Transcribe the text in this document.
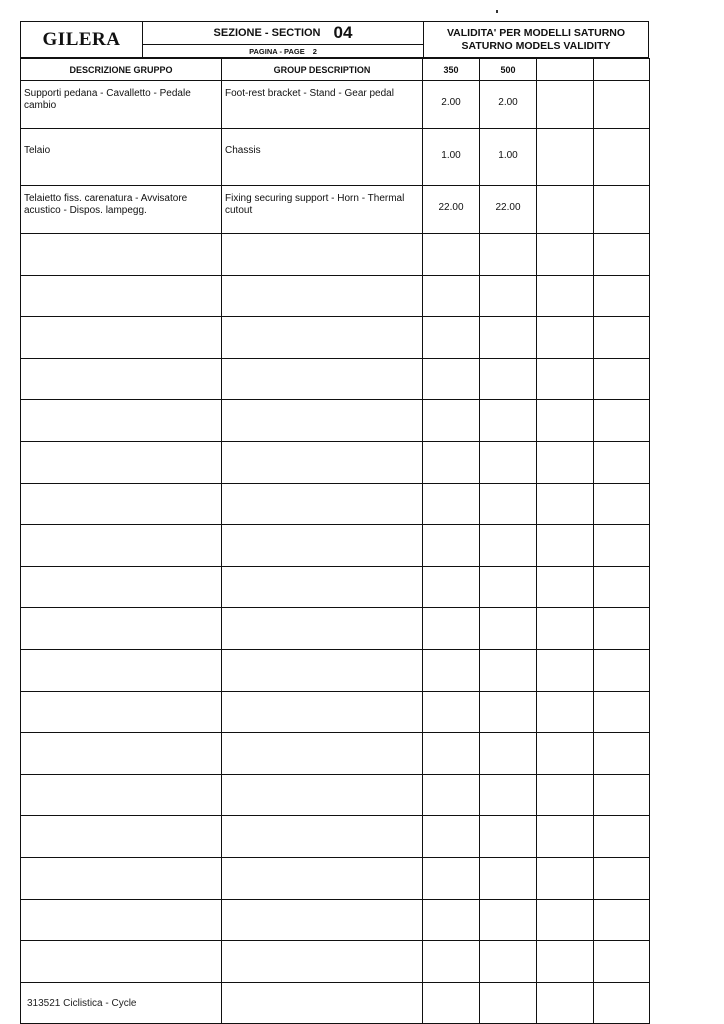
GILERA	SEZIONE - SECTION 04
PAGINA - PAGE 2
VALIDITA' PER MODELLI SATURNO
SATURNO MODELS VALIDITY
DESCRIZIONE GRUPPO	GROUP DESCRIPTION	350	500		
Supporti pedana - Cavalletto - Pedale cambio	Foot-rest bracket - Stand - Gear pedal	2.00	2.00		
Telaio	Chassis	1.00	1.00		
Telaietto fiss. carenatura - Avvisatore acustico - Dispos. lampegg.	Fixing securing support - Horn - Thermal cutout	22.00	22.00		

313521 Ciclistica - Cycle
